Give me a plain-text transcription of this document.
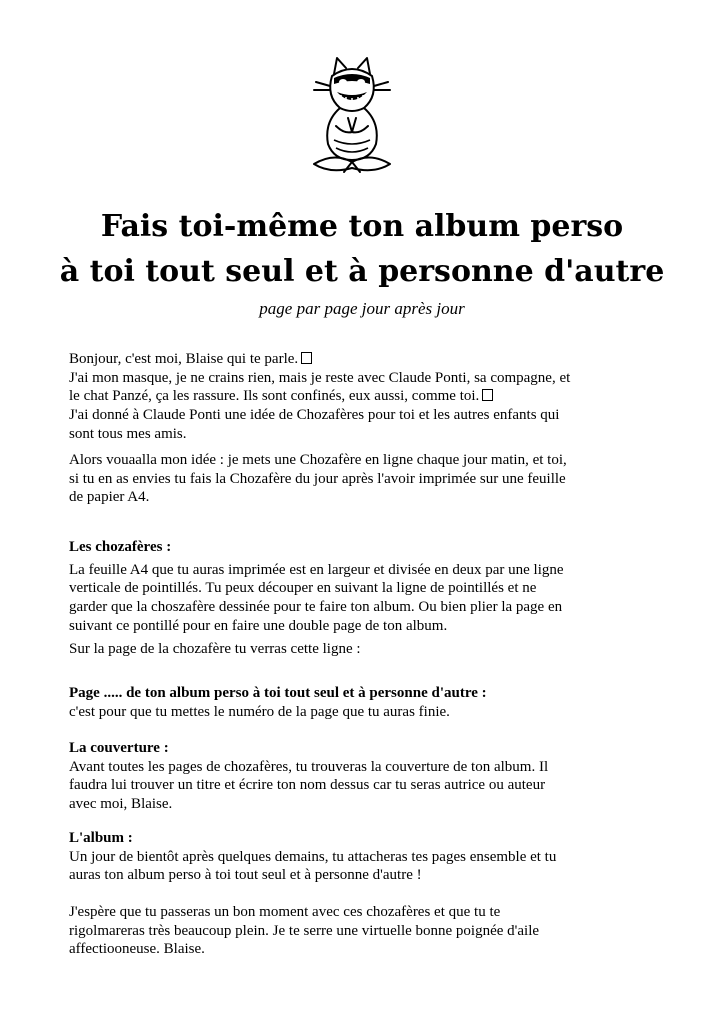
Fais toi-même ton album perso
à toi tout seul et à personne d'autre
page par page jour après jour

Bonjour, c'est moi, Blaise qui te parle.

J'ai mon masque, je ne crains rien, mais je reste avec Claude Ponti, sa compagne, et

le chat Panzé, ça les rassure. Ils sont confinés, eux aussi, comme toi.

J'ai donné à Claude Ponti une idée de Chozafères pour toi et les autres enfants qui

sont tous mes amis.

Alors vouaalla mon idée : je mets une Chozafère en ligne chaque jour matin, et toi,

si tu en as envies tu fais la Chozafère du jour après l'avoir imprimée sur une feuille

de papier A4.

Les chozafères :

La feuille A4 que tu auras imprimée est en largeur et divisée en deux par une ligne

verticale de pointillés. Tu peux découper en suivant la ligne de pointillés et ne

garder que la choszafère dessinée pour te faire ton album. Ou bien plier la page en

suivant ce pontillé pour en faire une double page de ton album.

Sur la page de la chozafère tu verras cette ligne :

Page ..... de ton album perso à toi tout seul et à personne d'autre :

c'est pour que tu mettes le numéro de la page que tu auras finie.

La couverture :

Avant toutes les pages de chozafères, tu trouveras la couverture de ton album. Il

faudra lui trouver un titre et écrire ton nom dessus car tu seras autrice ou auteur

avec moi, Blaise.

L'album :

Un jour de bientôt après quelques demains, tu attacheras tes pages ensemble et tu

auras ton album perso à toi tout seul et à personne d'autre !

J'espère que tu passeras un bon moment avec ces chozafères et que tu te

rigolmareras très beaucoup plein. Je te serre une virtuelle bonne poignée d'aile

affectiooneuse. Blaise.
